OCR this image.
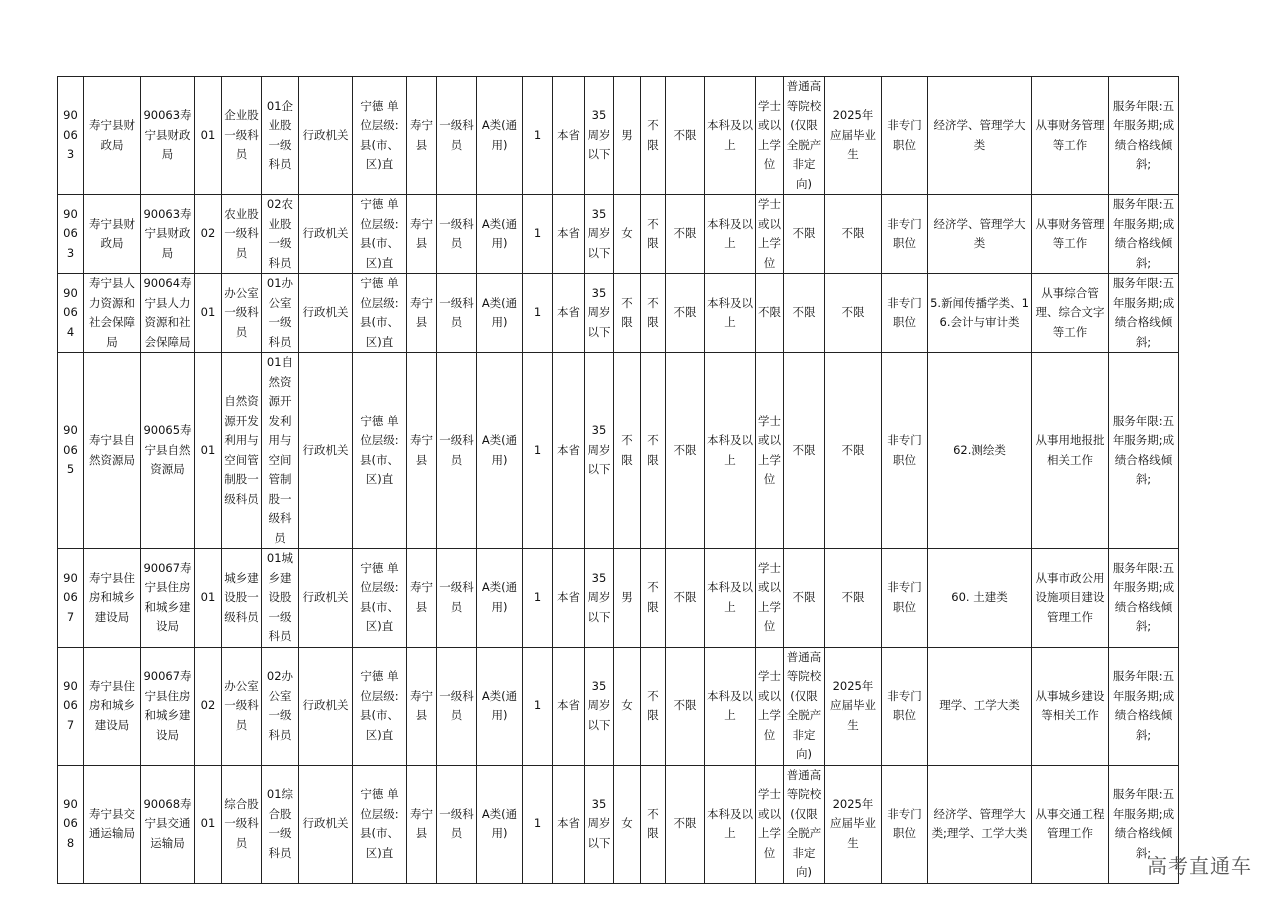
90063	寿宁县财政局	90063寿宁县财政局	01	企业股一级科员	01企业股一级科员	行政机关	宁德 单位层级:县(市、区)直	寿宁县	一级科员	A类(通用)	1	本省	35周岁以下	男	不限	不限	本科及以上	学士或以上学位	普通高等院校(仅限全脱产非定向)	2025年应届毕业生	非专门职位	经济学、管理学大类	从事财务管理等工作	服务年限:五年服务期;成绩合格线倾斜;
90063	寿宁县财政局	90063寿宁县财政局	02	农业股一级科员	02农业股一级科员	行政机关	宁德 单位层级:县(市、区)直	寿宁县	一级科员	A类(通用)	1	本省	35周岁以下	女	不限	不限	本科及以上	学士或以上学位	不限	不限	非专门职位	经济学、管理学大类	从事财务管理等工作	服务年限:五年服务期;成绩合格线倾斜;
90064	寿宁县人力资源和社会保障局	90064寿宁县人力资源和社会保障局	01	办公室一级科员	01办公室一级科员	行政机关	宁德 单位层级:县(市、区)直	寿宁县	一级科员	A类(通用)	1	本省	35周岁以下	不限	不限	不限	本科及以上	不限	不限	不限	非专门职位	5.新闻传播学类、16.会计与审计类	从事综合管理、综合文字等工作	服务年限:五年服务期;成绩合格线倾斜;
90065	寿宁县自然资源局	90065寿宁县自然资源局	01	自然资源开发利用与空间管制股一级科员	01自然资源开发利用与空间管制股一级科员	行政机关	宁德 单位层级:县(市、区)直	寿宁县	一级科员	A类(通用)	1	本省	35周岁以下	不限	不限	不限	本科及以上	学士或以上学位	不限	不限	非专门职位	62.测绘类	从事用地报批相关工作	服务年限:五年服务期;成绩合格线倾斜;
90067	寿宁县住房和城乡建设局	90067寿宁县住房和城乡建设局	01	城乡建设股一级科员	01城乡建设股一级科员	行政机关	宁德 单位层级:县(市、区)直	寿宁县	一级科员	A类(通用)	1	本省	35周岁以下	男	不限	不限	本科及以上	学士或以上学位	不限	不限	非专门职位	60. 土建类	从事市政公用设施项目建设管理工作	服务年限:五年服务期;成绩合格线倾斜;
90067	寿宁县住房和城乡建设局	90067寿宁县住房和城乡建设局	02	办公室一级科员	02办公室一级科员	行政机关	宁德 单位层级:县(市、区)直	寿宁县	一级科员	A类(通用)	1	本省	35周岁以下	女	不限	不限	本科及以上	学士或以上学位	普通高等院校(仅限全脱产非定向)	2025年应届毕业生	非专门职位	理学、工学大类	从事城乡建设等相关工作	服务年限:五年服务期;成绩合格线倾斜;
90068	寿宁县交通运输局	90068寿宁县交通运输局	01	综合股一级科员	01综合股一级科员	行政机关	宁德 单位层级:县(市、区)直	寿宁县	一级科员	A类(通用)	1	本省	35周岁以下	女	不限	不限	本科及以上	学士或以上学位	普通高等院校(仅限全脱产非定向)	2025年应届毕业生	非专门职位	经济学、管理学大类;理学、工学大类	从事交通工程管理工作	服务年限:五年服务期;成绩合格线倾斜;
高考直通车
